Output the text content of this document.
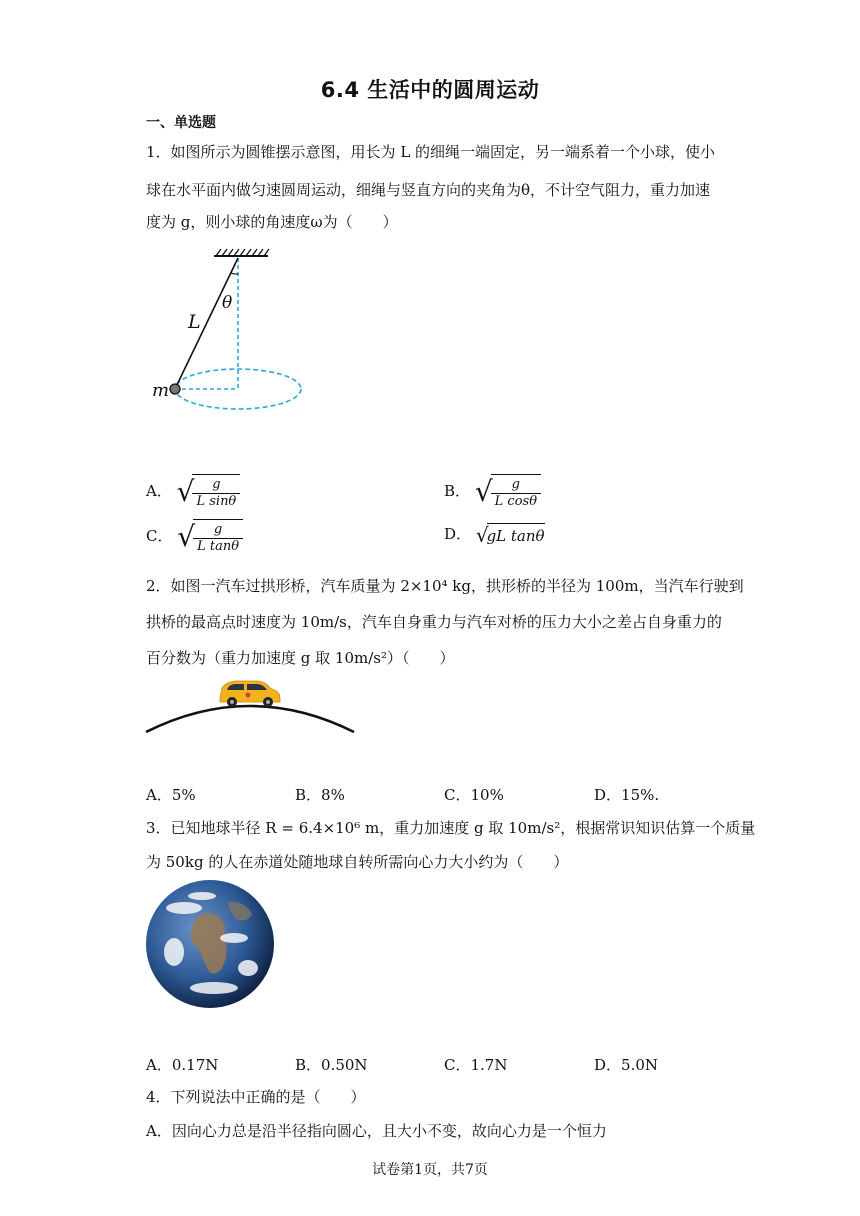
6.4 生活中的圆周运动
一、单选题
1．如图所示为圆锥摆示意图，用长为 L 的细绳一端固定，另一端系着一个小球，使小
球在水平面内做匀速圆周运动，细绳与竖直方向的夹角为θ，不计空气阻力，重力加速
度为 g，则小球的角速度ω为（　　）
θ
L
m
A． √
$\frac{g}{\text{L sinθ}}$	B． √
$\frac{g}{\text{L cosθ}}$
C． √
$\frac{g}{\text{L tanθ}}$	D． √
gL tanθ
2．如图一汽车过拱形桥，汽车质量为 2×10⁴ kg，拱形桥的半径为 100m，当汽车行驶到
拱桥的最高点时速度为 10m/s，汽车自身重力与汽车对桥的压力大小之差占自身重力的
百分数为（重力加速度 g 取 10m/s²）（　　）
A．5%	B．8%	C．10%	D．15%.
3．已知地球半径 R = 6.4×10⁶ m，重力加速度 g 取 10m/s²，根据常识知识估算一个质量
为 50kg 的人在赤道处随地球自转所需向心力大小约为（　　）
A．0.17N	B．0.50N	C．1.7N	D．5.0N
4．下列说法中正确的是（　　）
A．因向心力总是沿半径指向圆心，且大小不变，故向心力是一个恒力
试卷第1页，共7页
